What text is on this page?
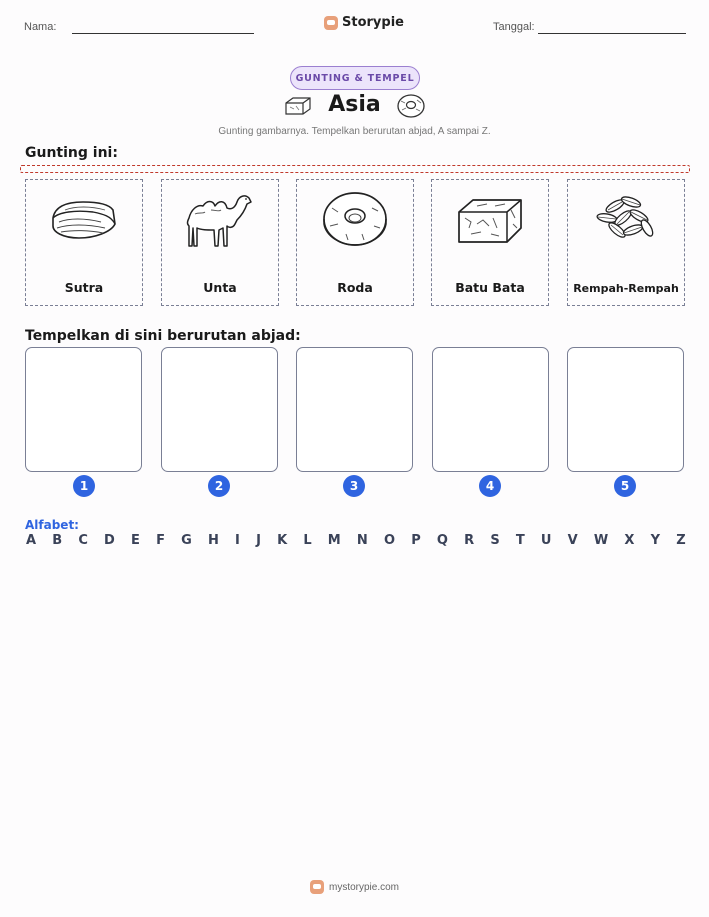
Nama:	Storypie	Tanggal:
GUNTING & TEMPEL
Asia
Gunting gambarnya. Tempelkan berurutan abjad, A sampai Z.
Gunting ini:
Sutra	Unta	Roda	Batu Bata	Rempah-Rempah
Tempelkan di sini berurutan abjad:
1	2	3	4	5
Alfabet:
A B C D E F G H I J K L M N O P Q R S T U V W X Y Z
mystorypie.com
